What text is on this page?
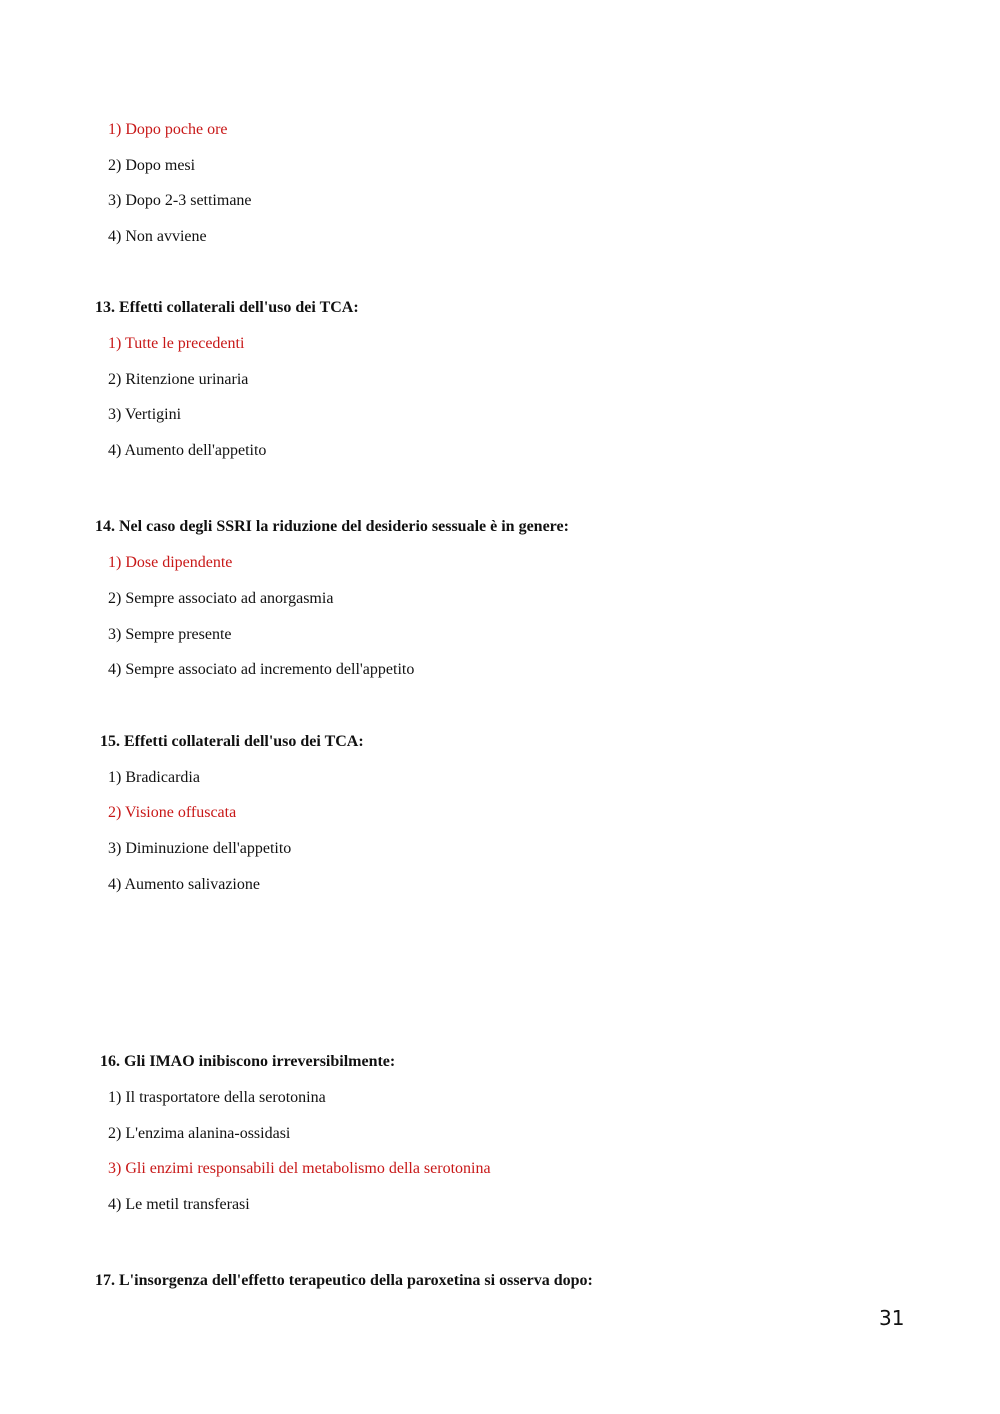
1) Dopo poche ore
2) Dopo mesi
3) Dopo 2-3 settimane
4) Non avviene
13. Effetti collaterali dell'uso dei TCA:
1) Tutte le precedenti
2) Ritenzione urinaria
3) Vertigini
4) Aumento dell'appetito
14. Nel caso degli SSRI la riduzione del desiderio sessuale è in genere:
1) Dose dipendente
2) Sempre associato ad anorgasmia
3) Sempre presente
4) Sempre associato ad incremento dell'appetito
15. Effetti collaterali dell'uso dei TCA:
1) Bradicardia
2) Visione offuscata
3) Diminuzione dell'appetito
4) Aumento salivazione
16. Gli IMAO inibiscono irreversibilmente:
1) Il trasportatore della serotonina
2) L'enzima alanina-ossidasi
3) Gli enzimi responsabili del metabolismo della serotonina
4) Le metil transferasi
17. L'insorgenza dell'effetto terapeutico della paroxetina si osserva dopo:
31
